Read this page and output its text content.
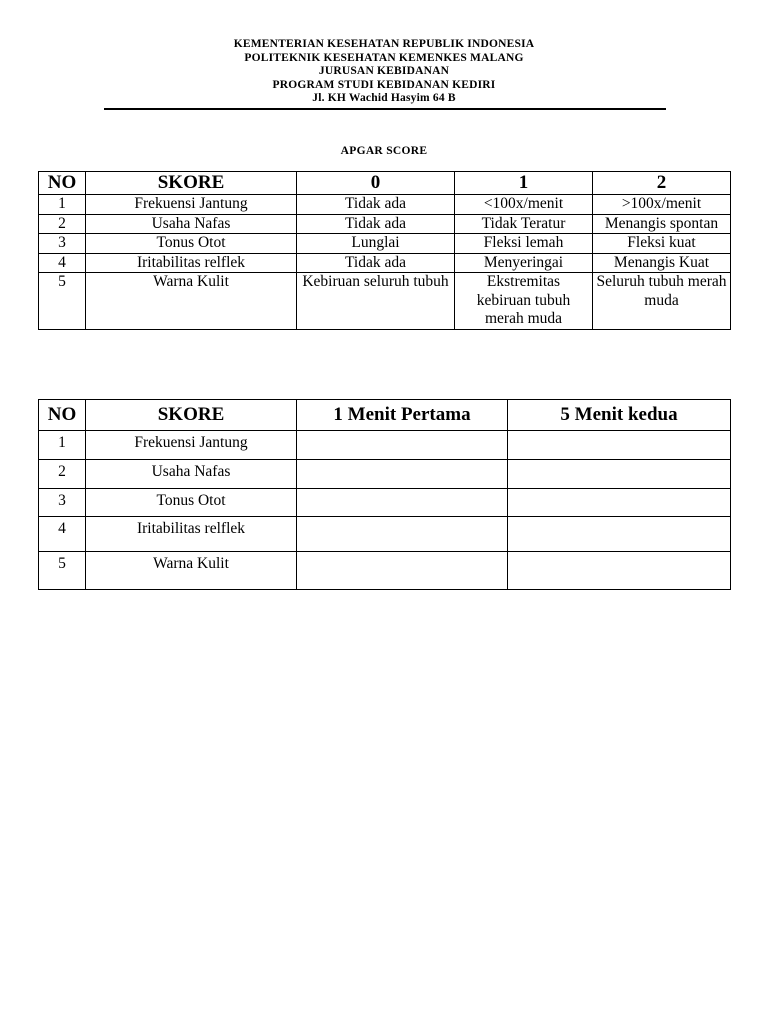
KEMENTERIAN KESEHATAN REPUBLIK INDONESIA
POLITEKNIK KESEHATAN KEMENKES MALANG
JURUSAN KEBIDANAN
PROGRAM STUDI KEBIDANAN KEDIRI
Jl. KH Wachid Hasyim 64 B
APGAR SCORE
NO	SKORE	0	1	2
1	Frekuensi Jantung	Tidak ada	<100x/menit	>100x/menit
2	Usaha Nafas	Tidak ada	Tidak Teratur	Menangis spontan
3	Tonus Otot	Lunglai	Fleksi lemah	Fleksi kuat
4	Iritabilitas relflek	Tidak ada	Menyeringai	Menangis Kuat
5	Warna Kulit	Kebiruan seluruh tubuh	Ekstremitas kebiruan tubuh merah muda	Seluruh tubuh merah muda
NO	SKORE	1 Menit Pertama	5 Menit kedua
1	Frekuensi Jantung		
2	Usaha Nafas		
3	Tonus Otot		
4	Iritabilitas relflek		
5	Warna Kulit		
